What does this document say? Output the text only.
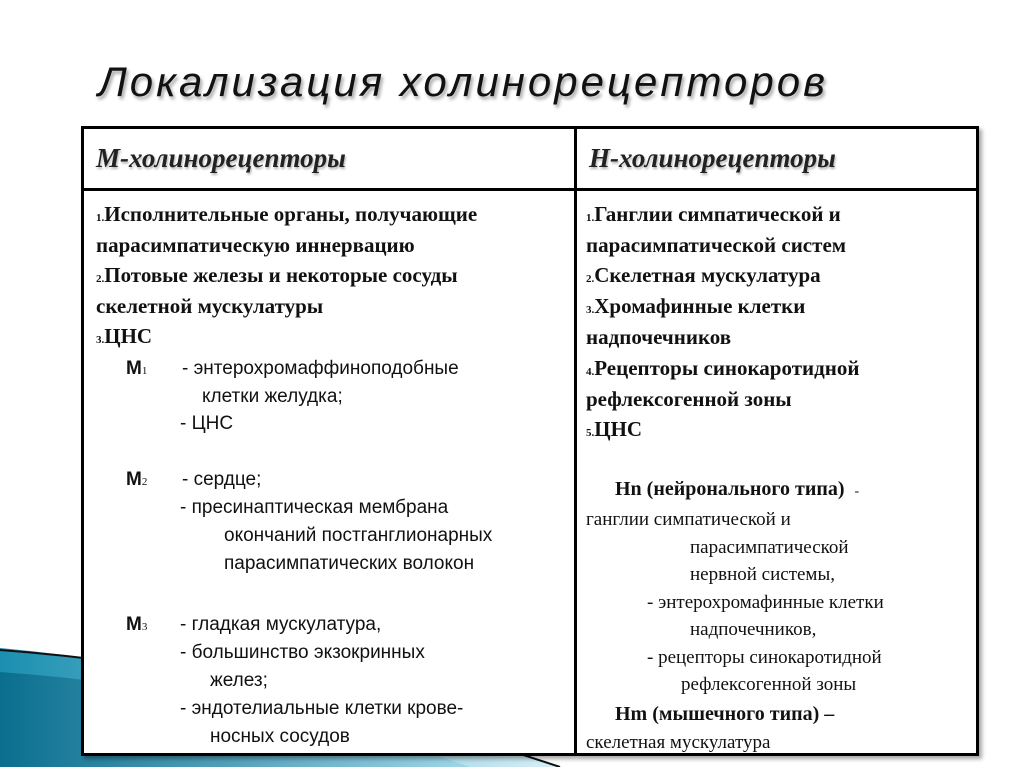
Локализация холинорецепторов
М-холинорецепторы	Н-холинорецепторы
1.Исполнительные органы, получающие
парасимпатическую иннервацию
2.Потовые железы и некоторые сосуды
скелетной мускулатуры
3.ЦНС
М1 - энтерохромаффиноподобные
клетки желудка;
- ЦНС
М2 - сердце;
- пресинаптическая мембрана
окончаний постганглионарных
парасимпатических волокон
М3 - гладкая мускулатура,
- большинство экзокринных
желез;
- эндотелиальные клетки крове-
носных сосудов
1.Ганглии симпатической и
парасимпатической систем
2.Скелетная мускулатура
3.Хромафинные клетки
надпочечников
4.Рецепторы синокаротидной
рефлексогенной зоны
5.ЦНС
Hn (нейронального типа) -
ганглии симпатической и
парасимпатической
нервной системы,
- энтерохромафинные клетки
надпочечников,
- рецепторы синокаротидной
рефлексогенной зоны
Hm (мышечного типа) –
скелетная мускулатура
